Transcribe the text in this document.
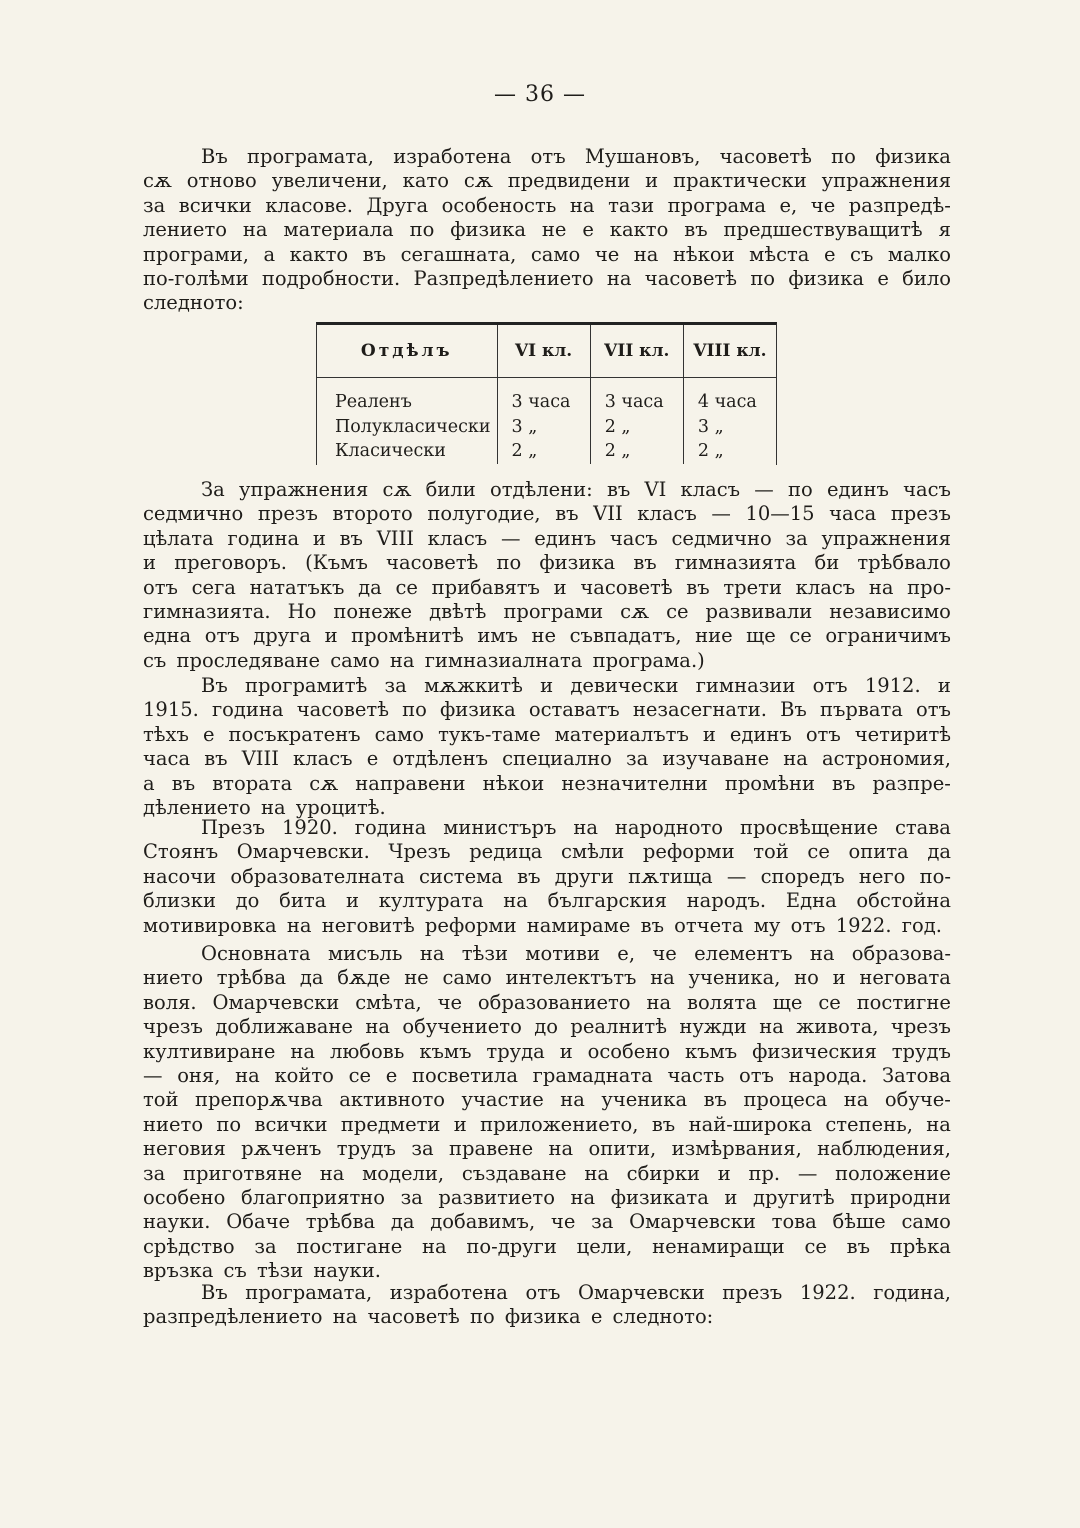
— 36 —
Въ програмата, изработена отъ Мушановъ, часоветѣ по физика
сѫ отново увеличени, като сѫ предвидени и практически упражнения
за всички класове. Друга особеность на тази програма е, че разпредѣ-
лението на материала по физика не е както въ предшествуващитѣ я
програми, а както въ сегашната, само че на нѣкои мѣста е съ малко
по-голѣми подробности. Разпредѣлението на часоветѣ по физика е било
следното:
Отдѣлъ	VI кл.	VII кл.	VIII кл.
Реаленъ	3 часа	3 часа	4 часа
Полукласически	3 „	2 „	3 „
Класически	2 „	2 „	2 „
За упражнения сѫ били отдѣлени: въ VI класъ — по единъ часъ
седмично презъ второто полугодие, въ VII класъ — 10—15 часа презъ
цѣлата година и въ VIII класъ — единъ часъ седмично за упражнения
и преговоръ. (Къмъ часоветѣ по физика въ гимназията би трѣбвало
отъ сега нататъкъ да се прибавятъ и часоветѣ въ трети класъ на про-
гимназията. Но понеже двѣтѣ програми сѫ се развивали независимо
една отъ друга и промѣнитѣ имъ не съвпадатъ, ние ще се ограничимъ
съ проследяване само на гимназиалната програма.)
Въ програмитѣ за мѫжкитѣ и девически гимназии отъ 1912. и
1915. година часоветѣ по физика оставатъ незасегнати. Въ първата отъ
тѣхъ е посъкратенъ само тукъ-таме материалътъ и единъ отъ четиритѣ
часа въ VIII класъ е отдѣленъ специално за изучаване на астрономия,
а въ втората сѫ направени нѣкои незначителни промѣни въ разпре-
дѣлението на уроцитѣ.
Презъ 1920. година министъръ на народното просвѣщение става
Стоянъ Омарчевски. Чрезъ редица смѣли реформи той се опита да
насочи образователната система въ други пѫтища — споредъ него по-
близки до бита и културата на българския народъ. Една обстойна
мотивировка на неговитѣ реформи намираме въ отчета му отъ 1922. год.
Основната мисъль на тѣзи мотиви е, че елементъ на образова-
нието трѣбва да бѫде не само интелектътъ на ученика, но и неговата
воля. Омарчевски смѣта, че образованието на волята ще се постигне
чрезъ доближаване на обучението до реалнитѣ нужди на живота, чрезъ
култивиране на любовь къмъ труда и особено къмъ физическия трудъ
— оня, на който се е посветила грамадната часть отъ народа. Затова
той препорѫчва активното участие на ученика въ процеса на обуче-
нието по всички предмети и приложението, въ най-широка степень, на
неговия рѫченъ трудъ за правене на опити, измѣрвания, наблюдения,
за приготвяне на модели, създаване на сбирки и пр. — положение
особено благоприятно за развитието на физиката и другитѣ природни
науки. Обаче трѣбва да добавимъ, че за Омарчевски това бѣше само
срѣдство за постигане на по-други цели, ненамиращи се въ прѣка
връзка съ тѣзи науки.
Въ програмата, изработена отъ Омарчевски презъ 1922. година,
разпредѣлението на часоветѣ по физика е следното:
